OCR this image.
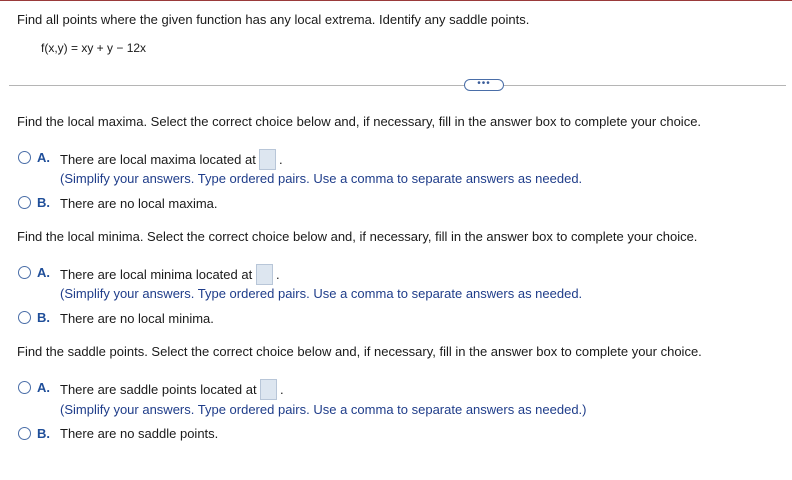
Find all points where the given function has any local extrema. Identify any saddle points.
f(x,y) = xy + y − 12x
•••
Find the local maxima. Select the correct choice below and, if necessary, fill in the answer box to complete your choice.
A. There are local maxima located at .
(Simplify your answers. Type ordered pairs. Use a comma to separate answers as needed.
B. There are no local maxima.
Find the local minima. Select the correct choice below and, if necessary, fill in the answer box to complete your choice.
A. There are local minima located at .
(Simplify your answers. Type ordered pairs. Use a comma to separate answers as needed.
B. There are no local minima.
Find the saddle points. Select the correct choice below and, if necessary, fill in the answer box to complete your choice.
A. There are saddle points located at .
(Simplify your answers. Type ordered pairs. Use a comma to separate answers as needed.)
B. There are no saddle points.
